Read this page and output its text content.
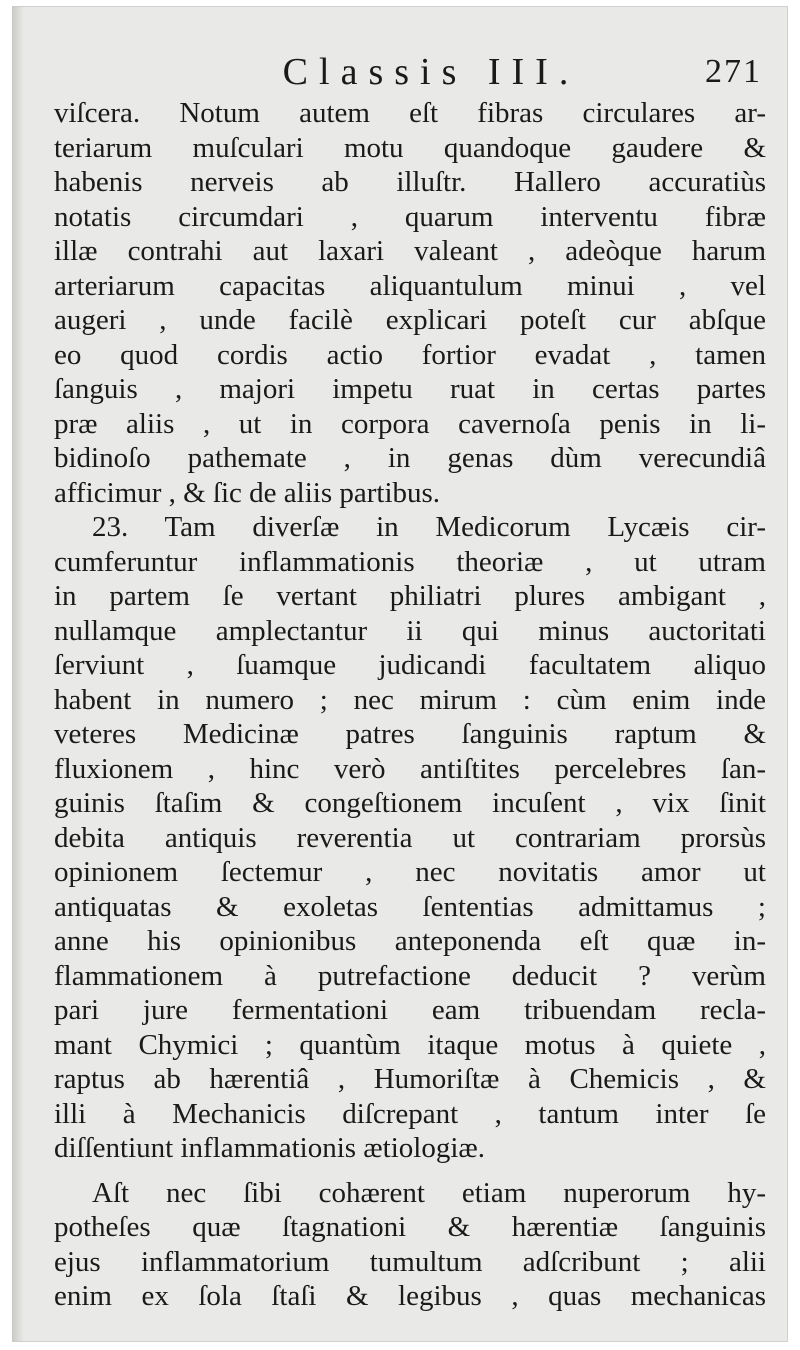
Classis III.	271
viſcera. Notum autem eſt fibras circulares ar-
teriarum muſculari motu quandoque gaudere &
habenis nerveis ab illuſtr. Hallero accuratiùs
notatis circumdari , quarum interventu fibræ
illæ contrahi aut laxari valeant , adeòque harum
arteriarum capacitas aliquantulum minui , vel
augeri , unde facilè explicari poteſt cur abſque
eo quod cordis actio fortior evadat , tamen
ſanguis , majori impetu ruat in certas partes
præ aliis , ut in corpora cavernoſa penis in li-
bidinoſo pathemate , in genas dùm verecundiâ
afficimur , & ſic de aliis partibus.
23. Tam diverſæ in Medicorum Lycæis cir-
cumferuntur inflammationis theoriæ , ut utram
in partem ſe vertant philiatri plures ambigant ,
nullamque amplectantur ii qui minus auctoritati
ſerviunt , ſuamque judicandi facultatem aliquo
habent in numero ; nec mirum : cùm enim inde
veteres Medicinæ patres ſanguinis raptum &
fluxionem , hinc verò antiſtites percelebres ſan-
guinis ſtaſim & congeſtionem incuſent , vix ſinit
debita antiquis reverentia ut contrariam prorsùs
opinionem ſectemur , nec novitatis amor ut
antiquatas & exoletas ſententias admittamus ;
anne his opinionibus anteponenda eſt quæ in-
flammationem à putrefactione deducit ? verùm
pari jure fermentationi eam tribuendam recla-
mant Chymici ; quantùm itaque motus à quiete ,
raptus ab hærentiâ , Humoriſtæ à Chemicis , &
illi à Mechanicis diſcrepant , tantum inter ſe
diſſentiunt inflammationis ætiologiæ.
Aſt nec ſibi cohærent etiam nuperorum hy-
potheſes quæ ſtagnationi & hærentiæ ſanguinis
ejus inflammatorium tumultum adſcribunt ; alii
enim ex ſola ſtaſi & legibus , quas mechanicas
